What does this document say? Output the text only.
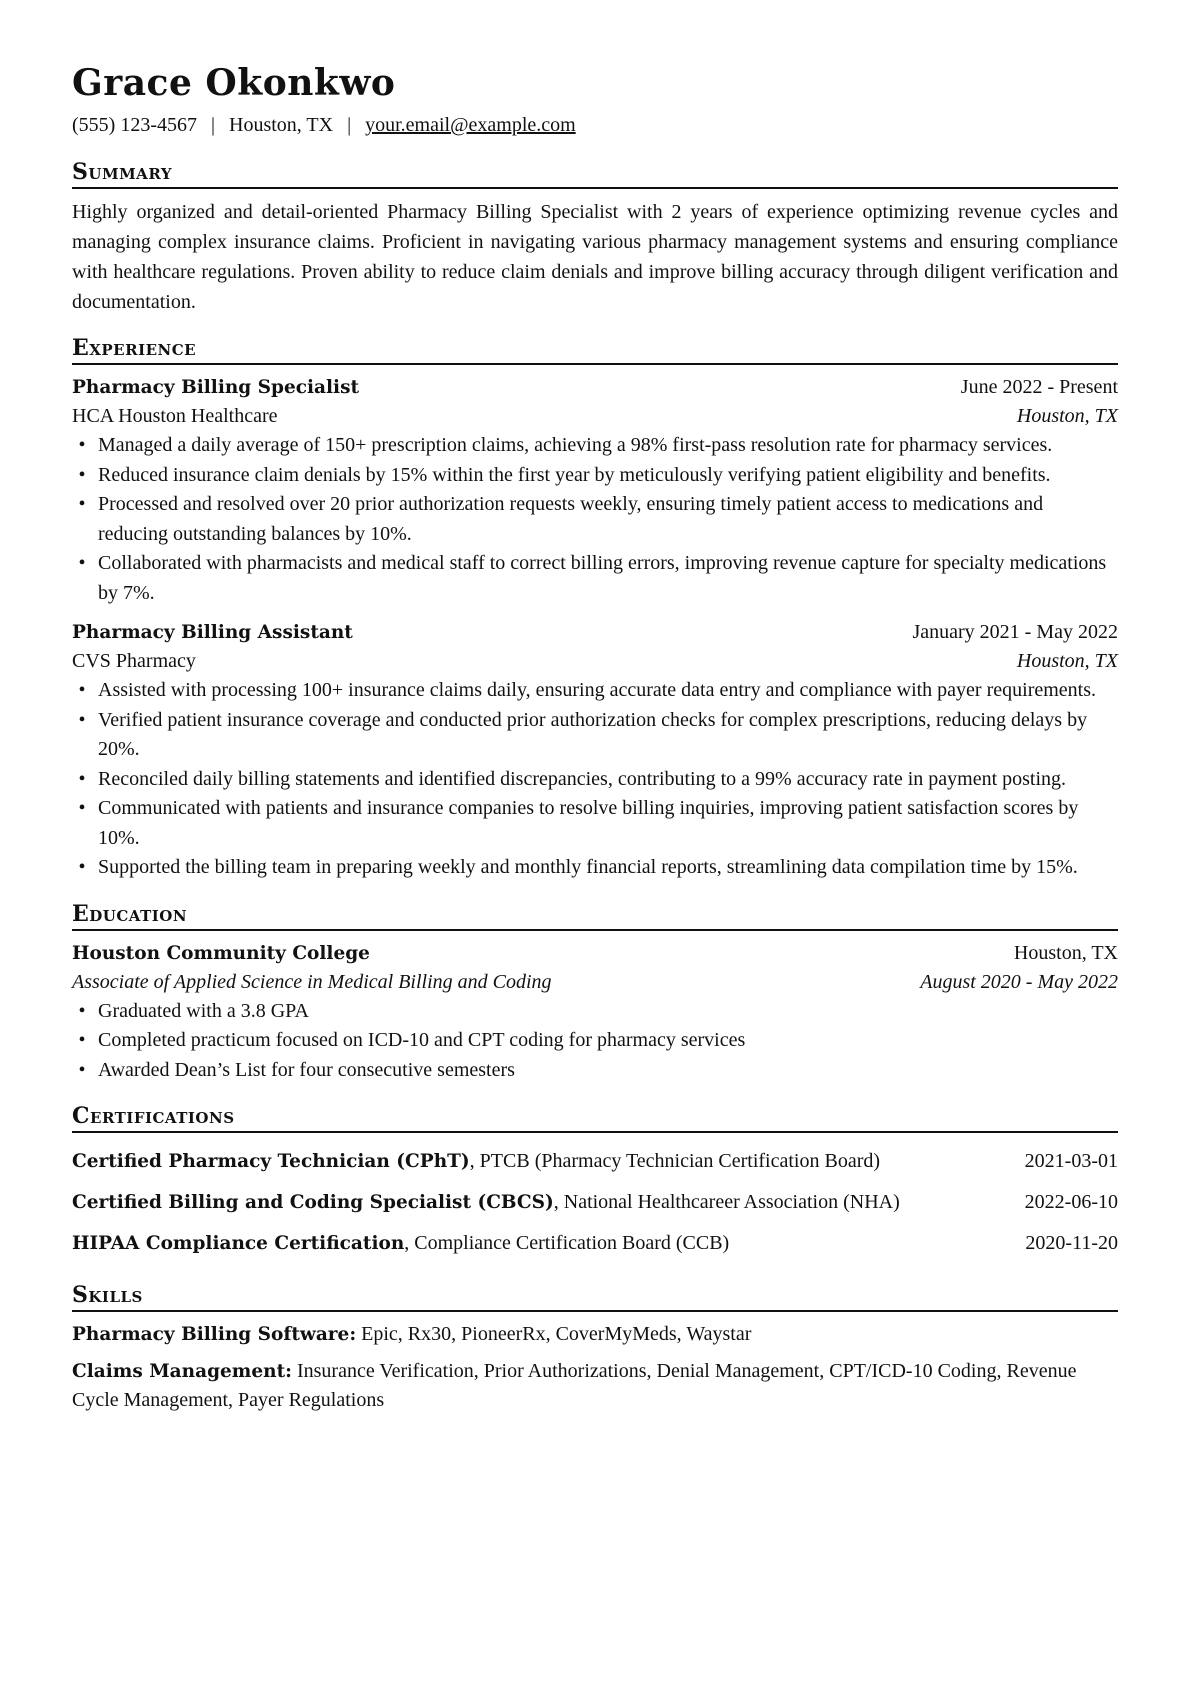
Grace Okonkwo
(555) 123-4567 | Houston, TX | your.email@example.com
Summary

Highly organized and detail-oriented Pharmacy Billing Specialist with 2 years of experience optimizing revenue cycles and managing complex insurance claims. Proficient in navigating various pharmacy management systems and ensuring compliance with healthcare regulations. Proven ability to reduce claim denials and improve billing accuracy through diligent verification and documentation.

Experience
Pharmacy Billing Specialist	June 2022 - Present
HCA Houston Healthcare	Houston, TX
• Managed a daily average of 150+ prescription claims, achieving a 98% first-pass resolution rate for pharmacy services.
• Reduced insurance claim denials by 15% within the first year by meticulously verifying patient eligibility and benefits.
• Processed and resolved over 20 prior authorization requests weekly, ensuring timely patient access to medications and reducing outstanding balances by 10%.
• Collaborated with pharmacists and medical staff to correct billing errors, improving revenue capture for specialty medications by 7%.
Pharmacy Billing Assistant	January 2021 - May 2022
CVS Pharmacy	Houston, TX
• Assisted with processing 100+ insurance claims daily, ensuring accurate data entry and compliance with payer requirements.
• Verified patient insurance coverage and conducted prior authorization checks for complex prescriptions, reducing delays by 20%.
• Reconciled daily billing statements and identified discrepancies, contributing to a 99% accuracy rate in payment posting.
• Communicated with patients and insurance companies to resolve billing inquiries, improving patient satisfaction scores by 10%.
• Supported the billing team in preparing weekly and monthly financial reports, streamlining data compilation time by 15%.
Education
Houston Community College	Houston, TX
Associate of Applied Science in Medical Billing and Coding	August 2020 - May 2022
• Graduated with a 3.8 GPA
• Completed practicum focused on ICD-10 and CPT coding for pharmacy services
• Awarded Dean’s List for four consecutive semesters
Certifications
Certified Pharmacy Technician (CPhT), PTCB (Pharmacy Technician Certification Board)	2021-03-01
Certified Billing and Coding Specialist (CBCS), National Healthcareer Association (NHA)	2022-06-10
HIPAA Compliance Certification, Compliance Certification Board (CCB)	2020-11-20
Skills
Pharmacy Billing Software: Epic, Rx30, PioneerRx, CoverMyMeds, Waystar
Claims Management: Insurance Verification, Prior Authorizations, Denial Management, CPT/ICD-10 Coding, Revenue Cycle Management, Payer Regulations
